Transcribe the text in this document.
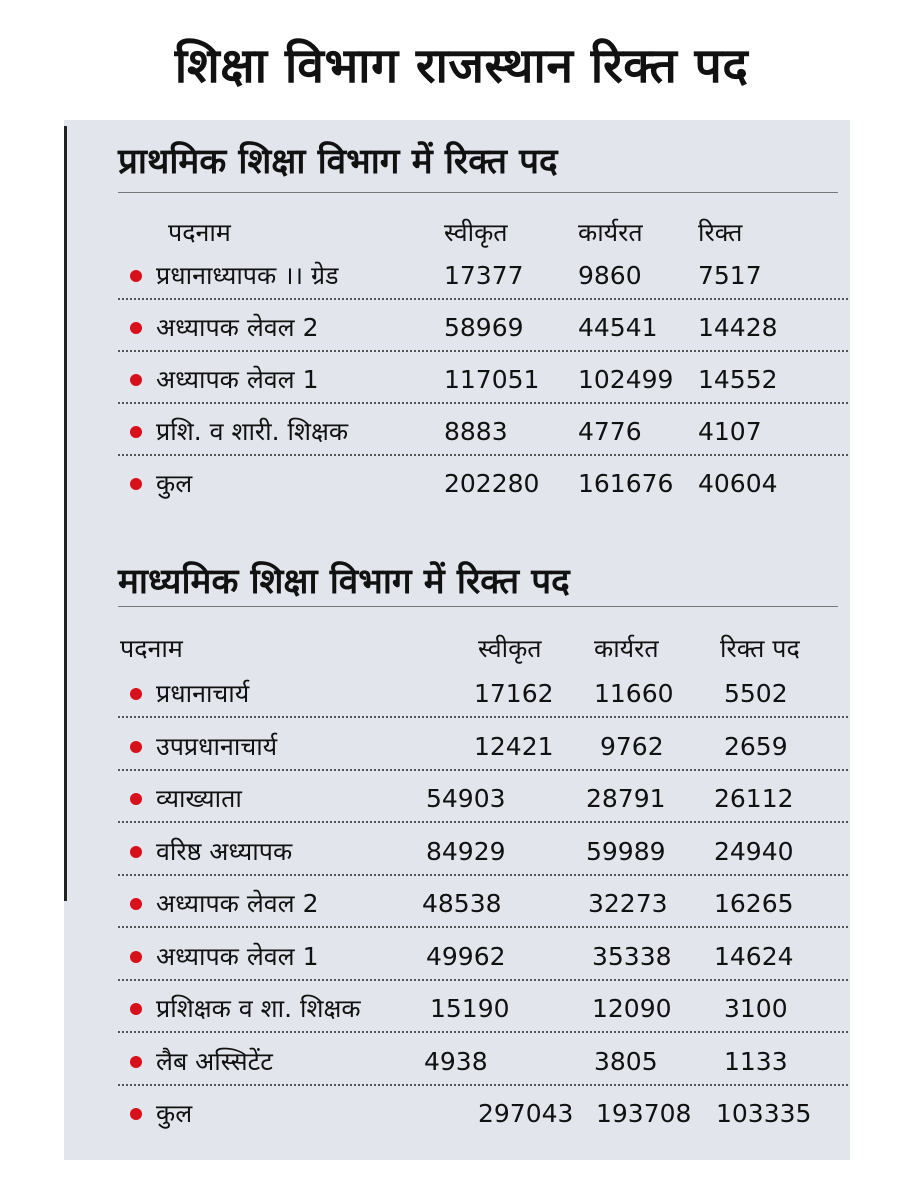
शिक्षा विभाग राजस्थान रिक्त पद
प्राथमिक शिक्षा विभाग में रिक्त पद
पदनाम	स्वीकृत	कार्यरत रिक्त
प्रधानाध्यापक ।। ग्रेड	17377 9860 7517
अध्यापक लेवल 2	58969 44541 14428
अध्यापक लेवल 1	117051 102499 14552
प्रशि. व शारी. शिक्षक	8883	4776 4107
कुल	202280 161676 40604
माध्यमिक शिक्षा विभाग में रिक्त पद
पदनाम	स्वीकृत कार्यरत रिक्त पद
प्रधानाचार्य	17162 11660 5502
उपप्रधानाचार्य	12421 9762 2659
व्याख्याता	54903	28791 26112
वरिष्ठ अध्यापक	84929	59989 24940
अध्यापक लेवल 2	48538	32273 16265
अध्यापक लेवल 1	49962	35338 14624
प्रशिक्षक व शा. शिक्षक	15190	12090 3100
लैब अस्सिटेंट	4938	3805	1133
कुल	297043 193708 103335
